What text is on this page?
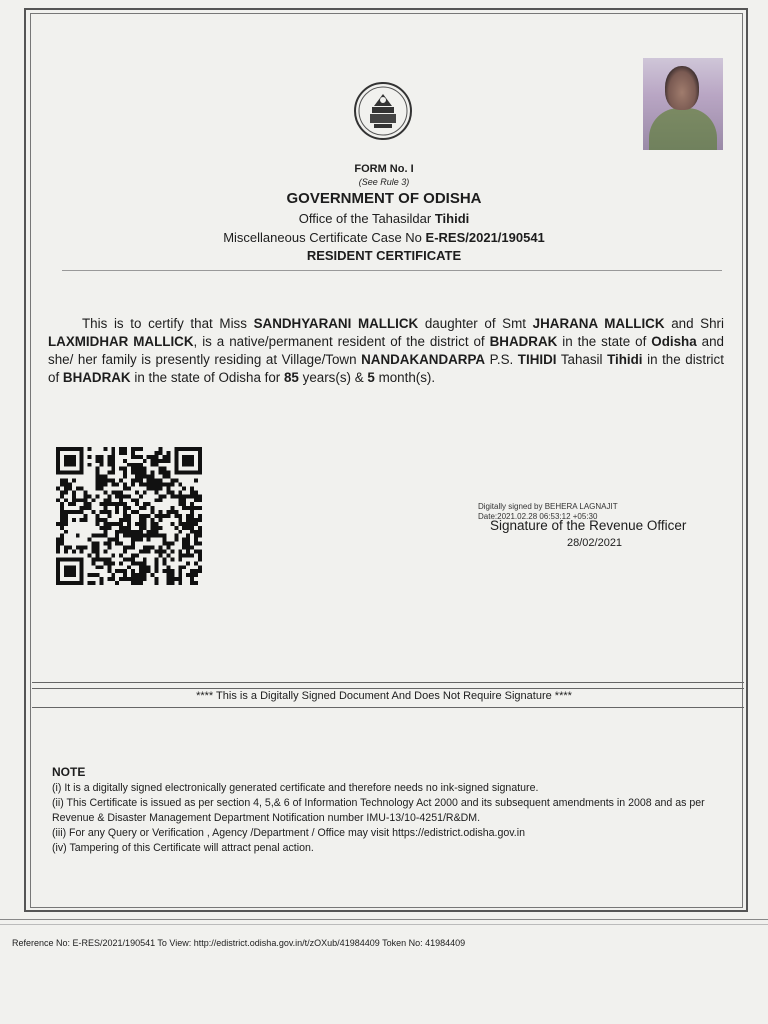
FORM No. I
(See Rule 3)
GOVERNMENT OF ODISHA
Office of the Tahasildar Tihidi
Miscellaneous Certificate Case No E-RES/2021/190541
RESIDENT CERTIFICATE
This is to certify that Miss SANDHYARANI MALLICK daughter of Smt JHARANA MALLICK and Shri LAXMIDHAR MALLICK, is a native/permanent resident of the district of BHADRAK in the state of Odisha and she/ her family is presently residing at Village/Town NANDAKANDARPA P.S. TIHIDI Tahasil Tihidi in the district of BHADRAK in the state of Odisha for 85 years(s) & 5 month(s).
Digitally signed by BEHERA LAGNAJIT
Date:2021.02.28 06:53:12 +05:30
Signature of the Revenue Officer
28/02/2021
**** This is a Digitally Signed Document And Does Not Require Signature ****
NOTE
(i) It is a digitally signed electronically generated certificate and therefore needs no ink-signed signature.
(ii) This Certificate is issued as per section 4, 5,& 6 of Information Technology Act 2000 and its subsequent amendments in 2008 and as per Revenue & Disaster Management Department Notification number IMU-13/10-4251/R&DM.
(iii) For any Query or Verification , Agency /Department / Office may visit https://edistrict.odisha.gov.in
(iv) Tampering of this Certificate will attract penal action.
Reference No: E-RES/2021/190541 To View: http://edistrict.odisha.gov.in/t/zOXub/41984409 Token No: 41984409
